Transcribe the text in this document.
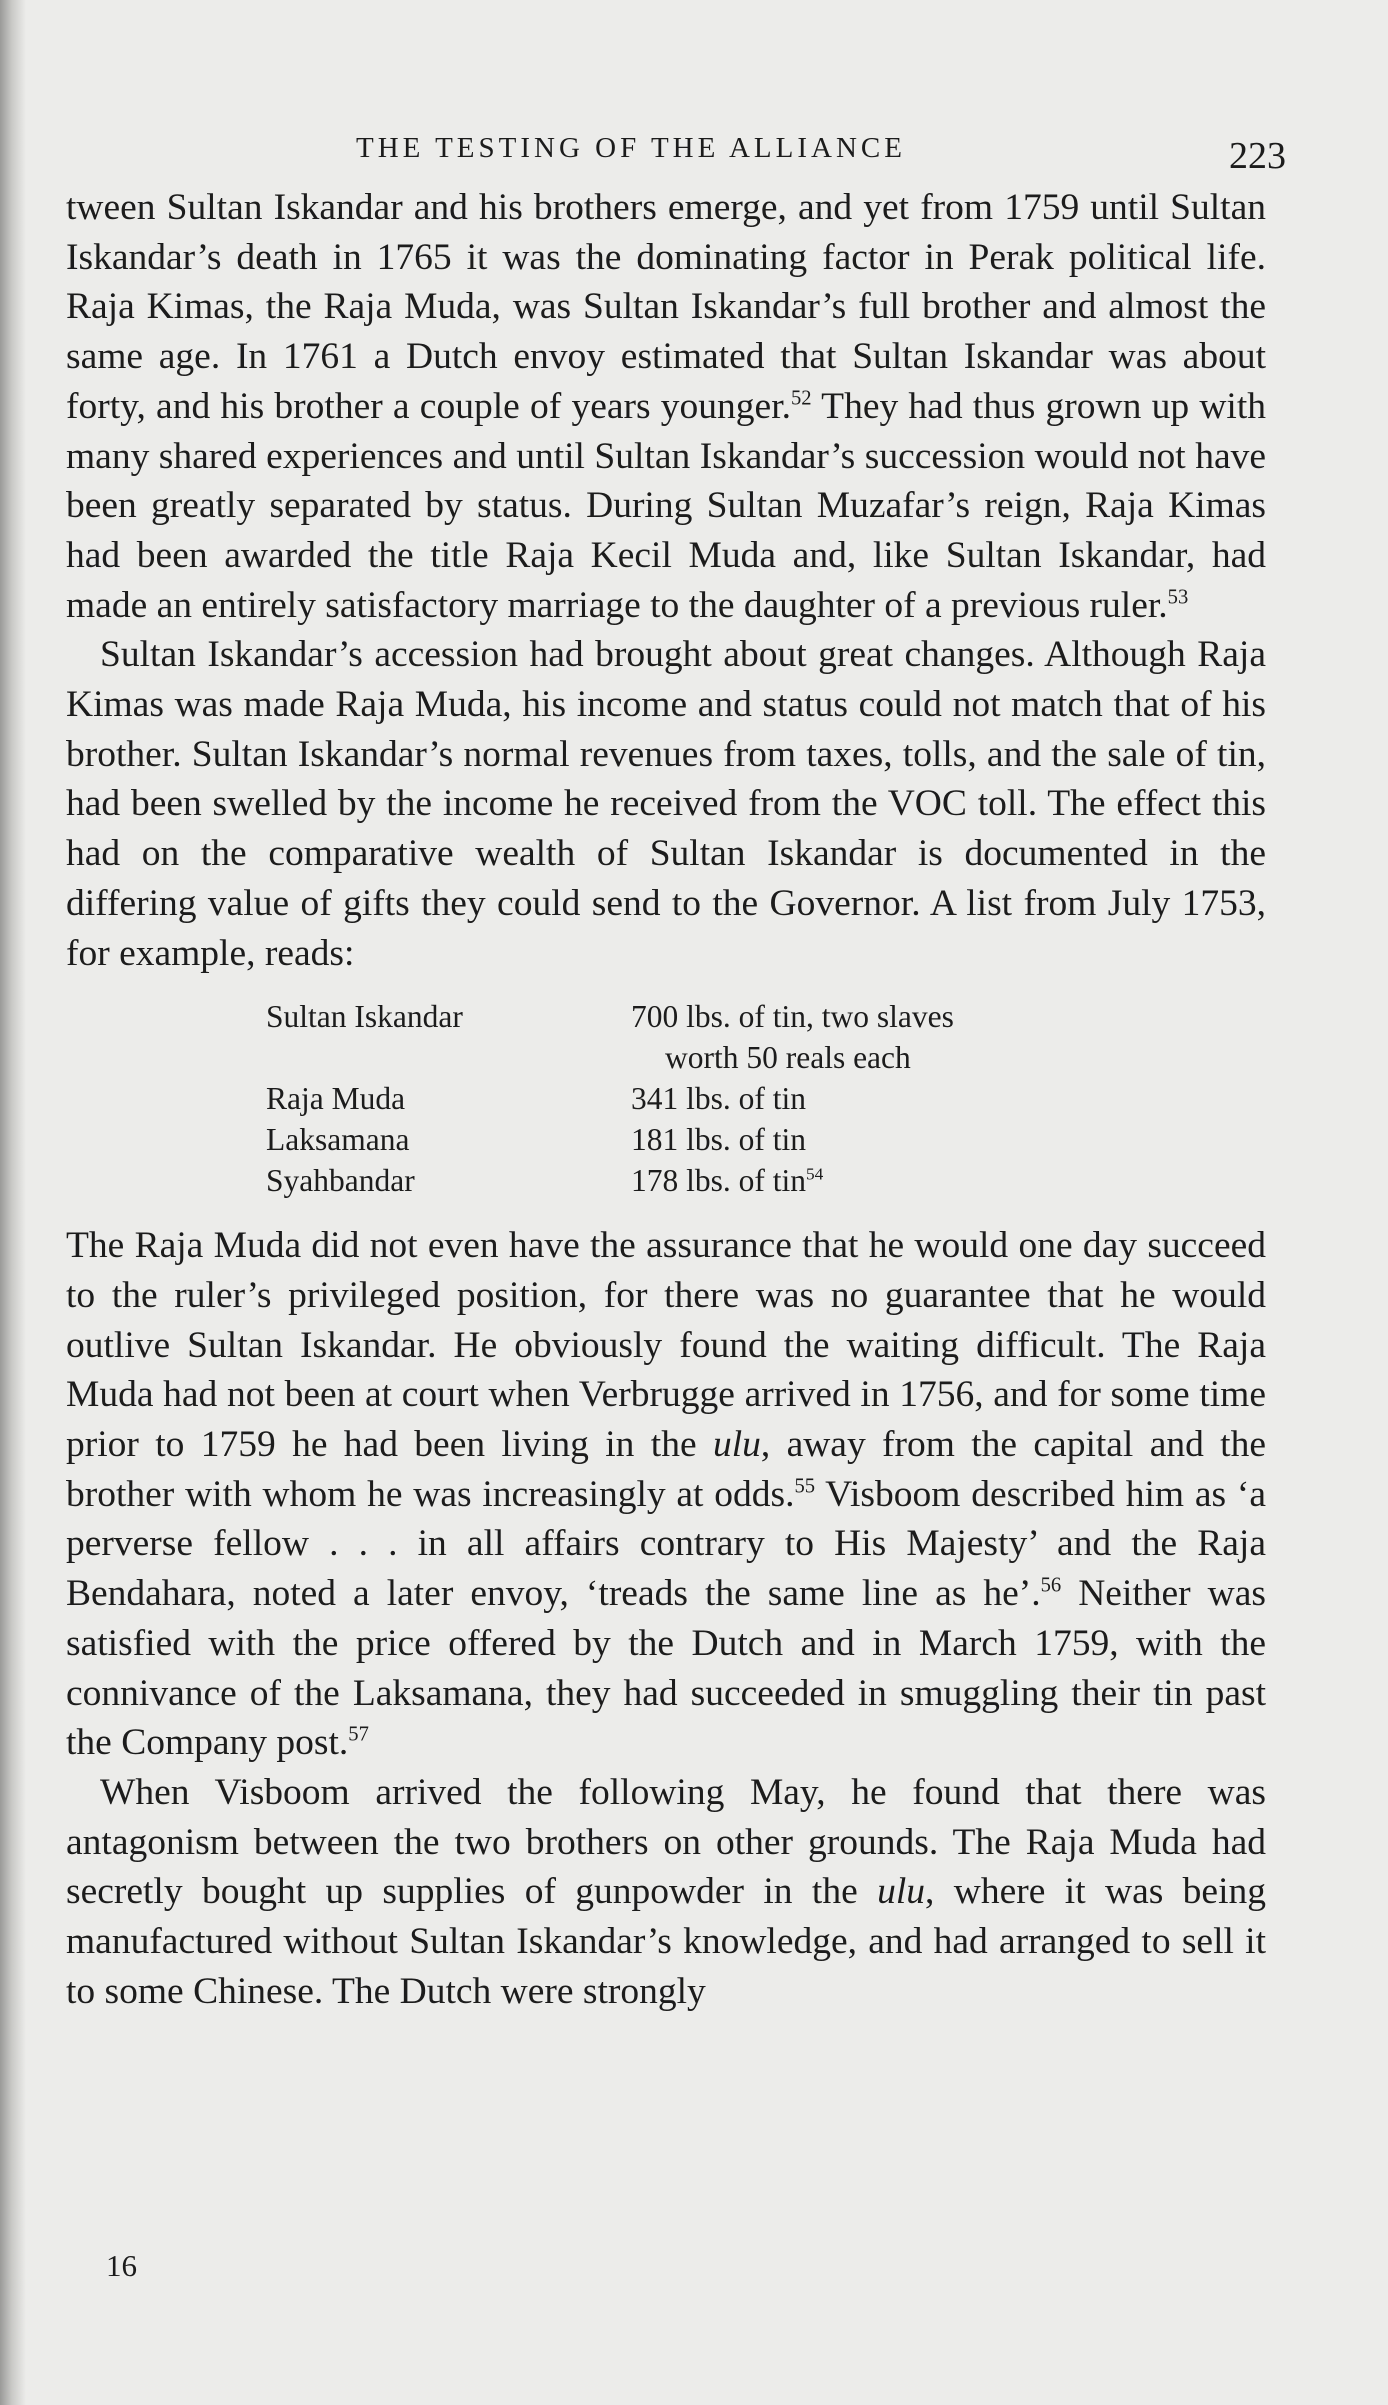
THE TESTING OF THE ALLIANCE	223

tween Sultan Iskandar and his brothers emerge, and yet from 1759 until Sultan Iskandar’s death in 1765 it was the dominating factor in Perak political life. Raja Kimas, the Raja Muda, was Sultan Iskandar’s full brother and almost the same age. In 1761 a Dutch envoy estimated that Sultan Iskandar was about forty, and his brother a couple of years younger.$^{52}$ They had thus grown up with many shared experiences and until Sultan Iskandar’s succession would not have been greatly separated by status. During Sultan Muzafar’s reign, Raja Kimas had been awarded the title Raja Kecil Muda and, like Sultan Iskandar, had made an entirely satisfactory marriage to the daughter of a previous ruler.$^{53}$

Sultan Iskandar’s accession had brought about great changes. Although Raja Kimas was made Raja Muda, his income and status could not match that of his brother. Sultan Iskandar’s normal revenues from taxes, tolls, and the sale of tin, had been swelled by the income he received from the VOC toll. The effect this had on the comparative wealth of Sultan Iskandar is documented in the differing value of gifts they could send to the Governor. A list from July 1753, for example, reads:

Sultan Iskandar	700 lbs. of tin, two slaves
worth 50 reals each
Raja Muda	341 lbs. of tin
Laksamana	181 lbs. of tin
Syahbandar	178 lbs. of tin$^{54}$

The Raja Muda did not even have the assurance that he would one day succeed to the ruler’s privileged position, for there was no guarantee that he would outlive Sultan Iskandar. He obviously found the waiting difficult. The Raja Muda had not been at court when Verbrugge arrived in 1756, and for some time prior to 1759 he had been living in the ulu, away from the capital and the brother with whom he was increasingly at odds.$^{55}$ Visboom described him as ‘a perverse fellow . . . in all affairs contrary to His Majesty’ and the Raja Bendahara, noted a later envoy, ‘treads the same line as he’.$^{56}$ Neither was satisfied with the price offered by the Dutch and in March 1759, with the connivance of the Laksamana, they had succeeded in smuggling their tin past the Company post.$^{57}$

When Visboom arrived the following May, he found that there was antagonism between the two brothers on other grounds. The Raja Muda had secretly bought up supplies of gunpowder in the ulu, where it was being manufactured without Sultan Iskandar’s knowledge, and had arranged to sell it to some Chinese. The Dutch were strongly

16
